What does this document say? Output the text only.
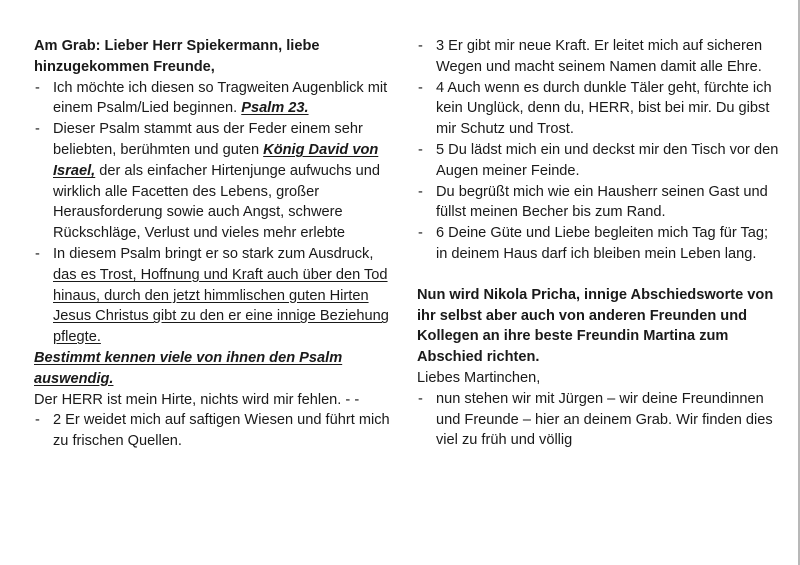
Am Grab: Lieber Herr Spiekermann, liebe hinzugekommen Freunde,

- Ich möchte ich diesen so Tragweiten Augenblick mit einem Psalm/Lied beginnen. Psalm 23.
- Dieser Psalm stammt aus der Feder einem sehr beliebten, berühmten und guten König David von Israel, der als einfacher Hirtenjunge aufwuchs und wirklich alle Facetten des Lebens, großer Herausforderung sowie auch Angst, schwere Rückschläge, Verlust und vieles mehr erlebte
- In diesem Psalm bringt er so stark zum Ausdruck, das es Trost, Hoffnung und Kraft auch über den Tod hinaus, durch den jetzt himmlischen guten Hirten Jesus Christus gibt zu den er eine innige Beziehung pflegte.

Bestimmt kennen viele von ihnen den Psalm auswendig.

Der HERR ist mein Hirte, nichts wird mir fehlen. - -

- 2 Er weidet mich auf saftigen Wiesen und führt mich zu frischen Quellen.
- 3 Er gibt mir neue Kraft. Er leitet mich auf sicheren Wegen und macht seinem Namen damit alle Ehre.
- 4 Auch wenn es durch dunkle Täler geht, fürchte ich kein Unglück, denn du, HERR, bist bei mir. Du gibst mir Schutz und Trost.
- 5 Du lädst mich ein und deckst mir den Tisch vor den Augen meiner Feinde.
- Du begrüßt mich wie ein Hausherr seinen Gast und füllst meinen Becher bis zum Rand.
- 6 Deine Güte und Liebe begleiten mich Tag für Tag; in deinem Haus darf ich bleiben mein Leben lang.

Nun wird Nikola Pricha, innige Abschiedsworte von ihr selbst aber auch von anderen Freunden und Kollegen an ihre beste Freundin Martina zum Abschied richten.

Liebes Martinchen,

- nun stehen wir mit Jürgen – wir deine Freundinnen und Freunde – hier an deinem Grab. Wir finden dies viel zu früh und völlig
